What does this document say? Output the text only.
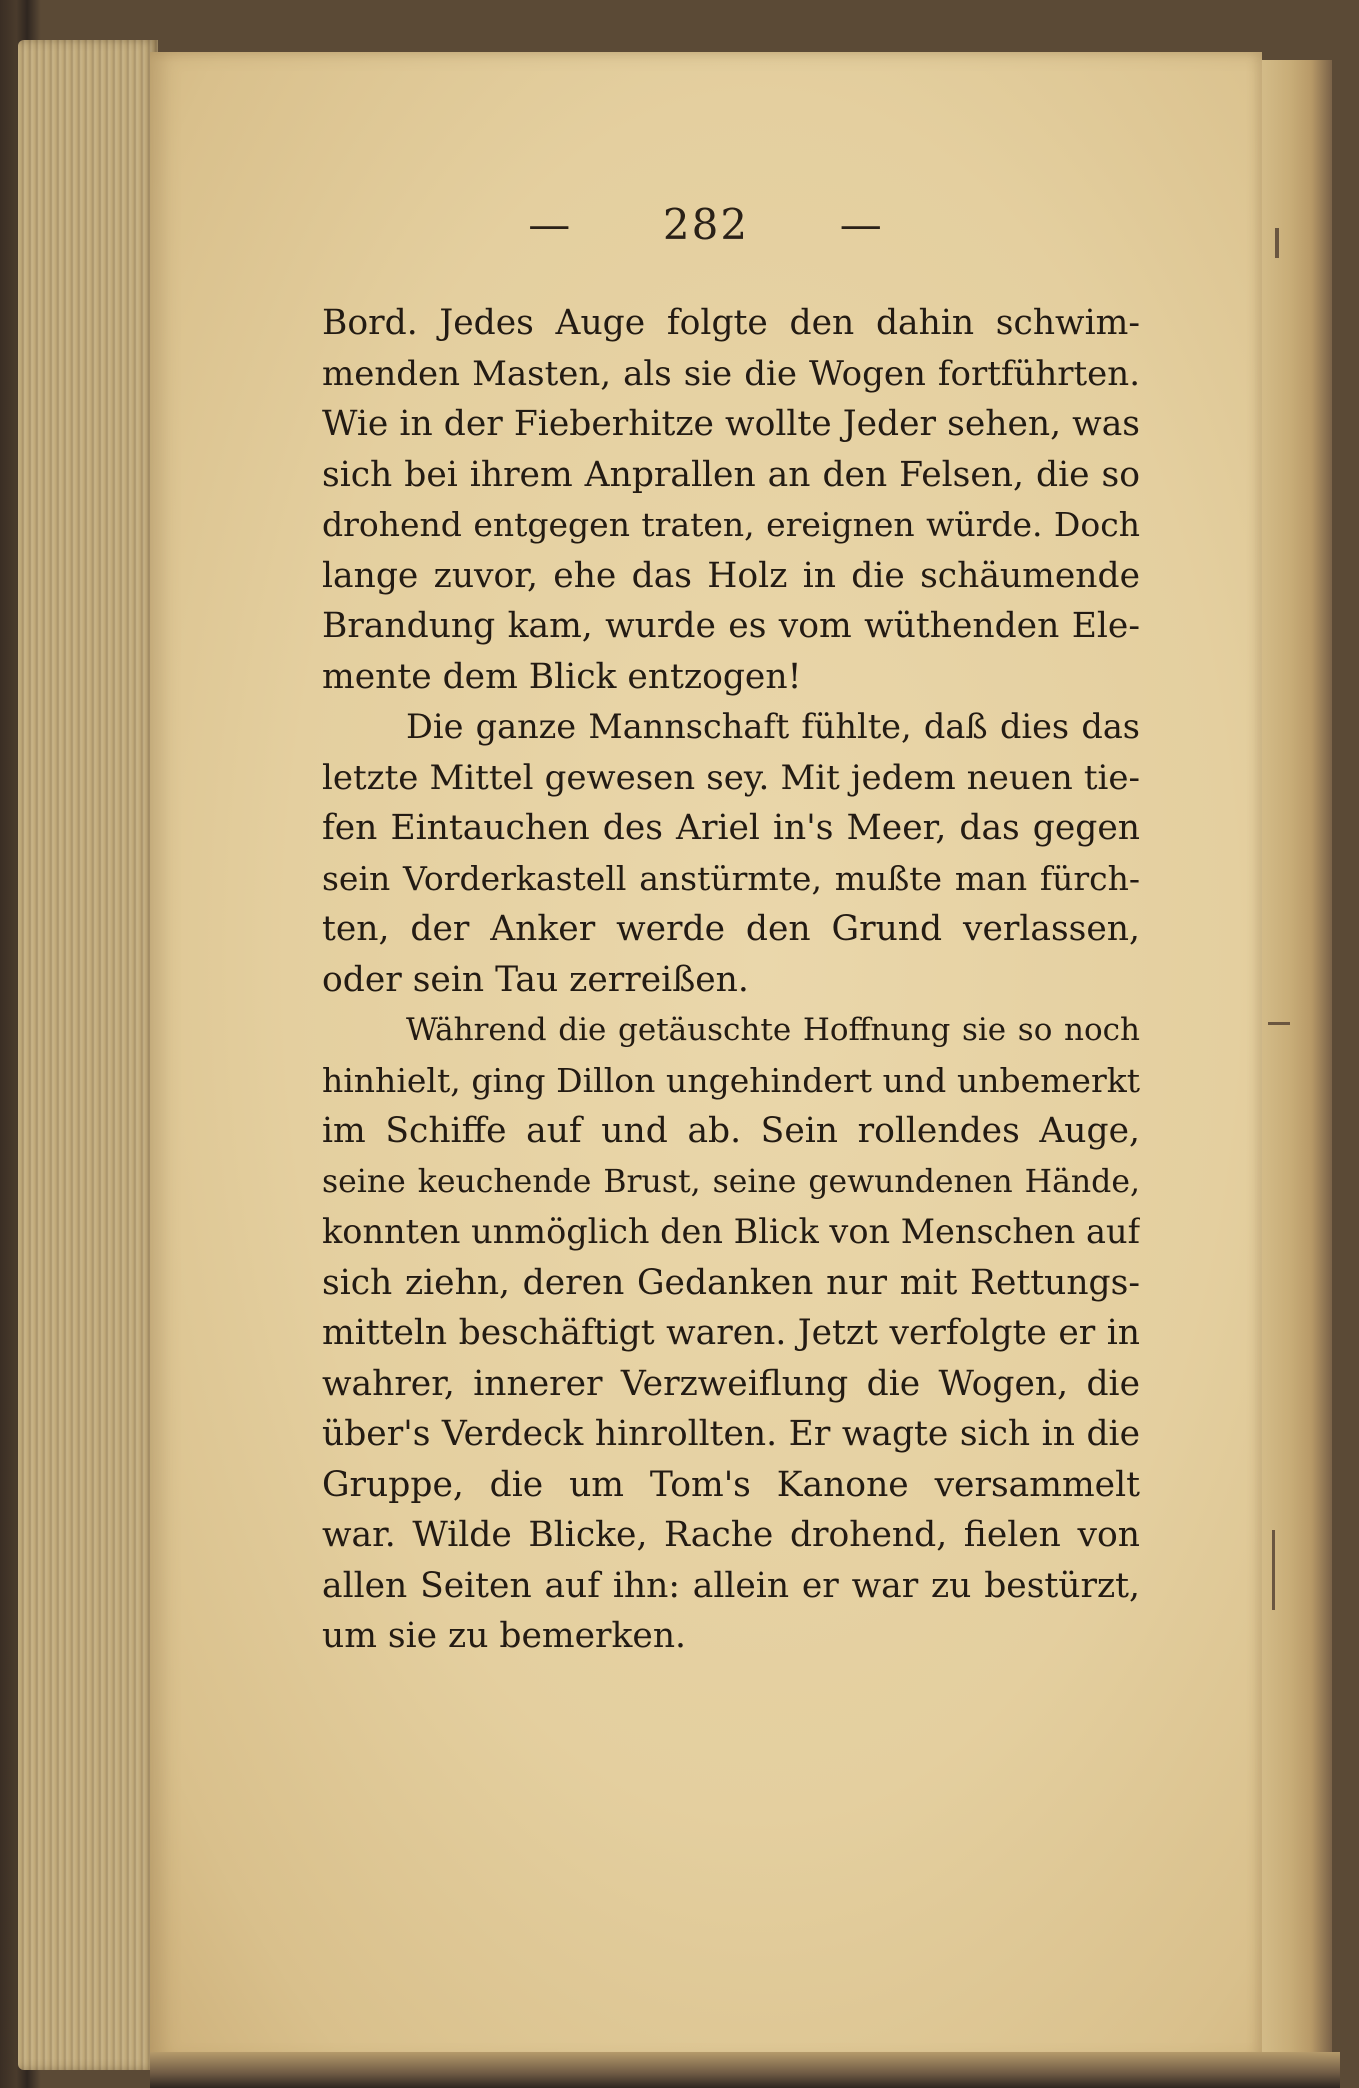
— 282 —
Bord. Jedes Auge folgte den dahin schwim-
menden Masten, als sie die Wogen fortführten.
Wie in der Fieberhitze wollte Jeder sehen, was
sich bei ihrem Anprallen an den Felsen, die so
drohend entgegen traten, ereignen würde. Doch
lange zuvor, ehe das Holz in die schäumende
Brandung kam, wurde es vom wüthenden Ele-
mente dem Blick entzogen!
Die ganze Mannschaft fühlte, daß dies das
letzte Mittel gewesen sey. Mit jedem neuen tie-
fen Eintauchen des Ariel in's Meer, das gegen
sein Vorderkastell anstürmte, mußte man fürch-
ten, der Anker werde den Grund verlassen,
oder sein Tau zerreißen.
Während die getäuschte Hoffnung sie so noch
hinhielt, ging Dillon ungehindert und unbemerkt
im Schiffe auf und ab. Sein rollendes Auge,
seine keuchende Brust, seine gewundenen Hände,
konnten unmöglich den Blick von Menschen auf
sich ziehn, deren Gedanken nur mit Rettungs-
mitteln beschäftigt waren. Jetzt verfolgte er in
wahrer, innerer Verzweiflung die Wogen, die
über's Verdeck hinrollten. Er wagte sich in die
Gruppe, die um Tom's Kanone versammelt
war. Wilde Blicke, Rache drohend, fielen von
allen Seiten auf ihn: allein er war zu bestürzt,
um sie zu bemerken.
